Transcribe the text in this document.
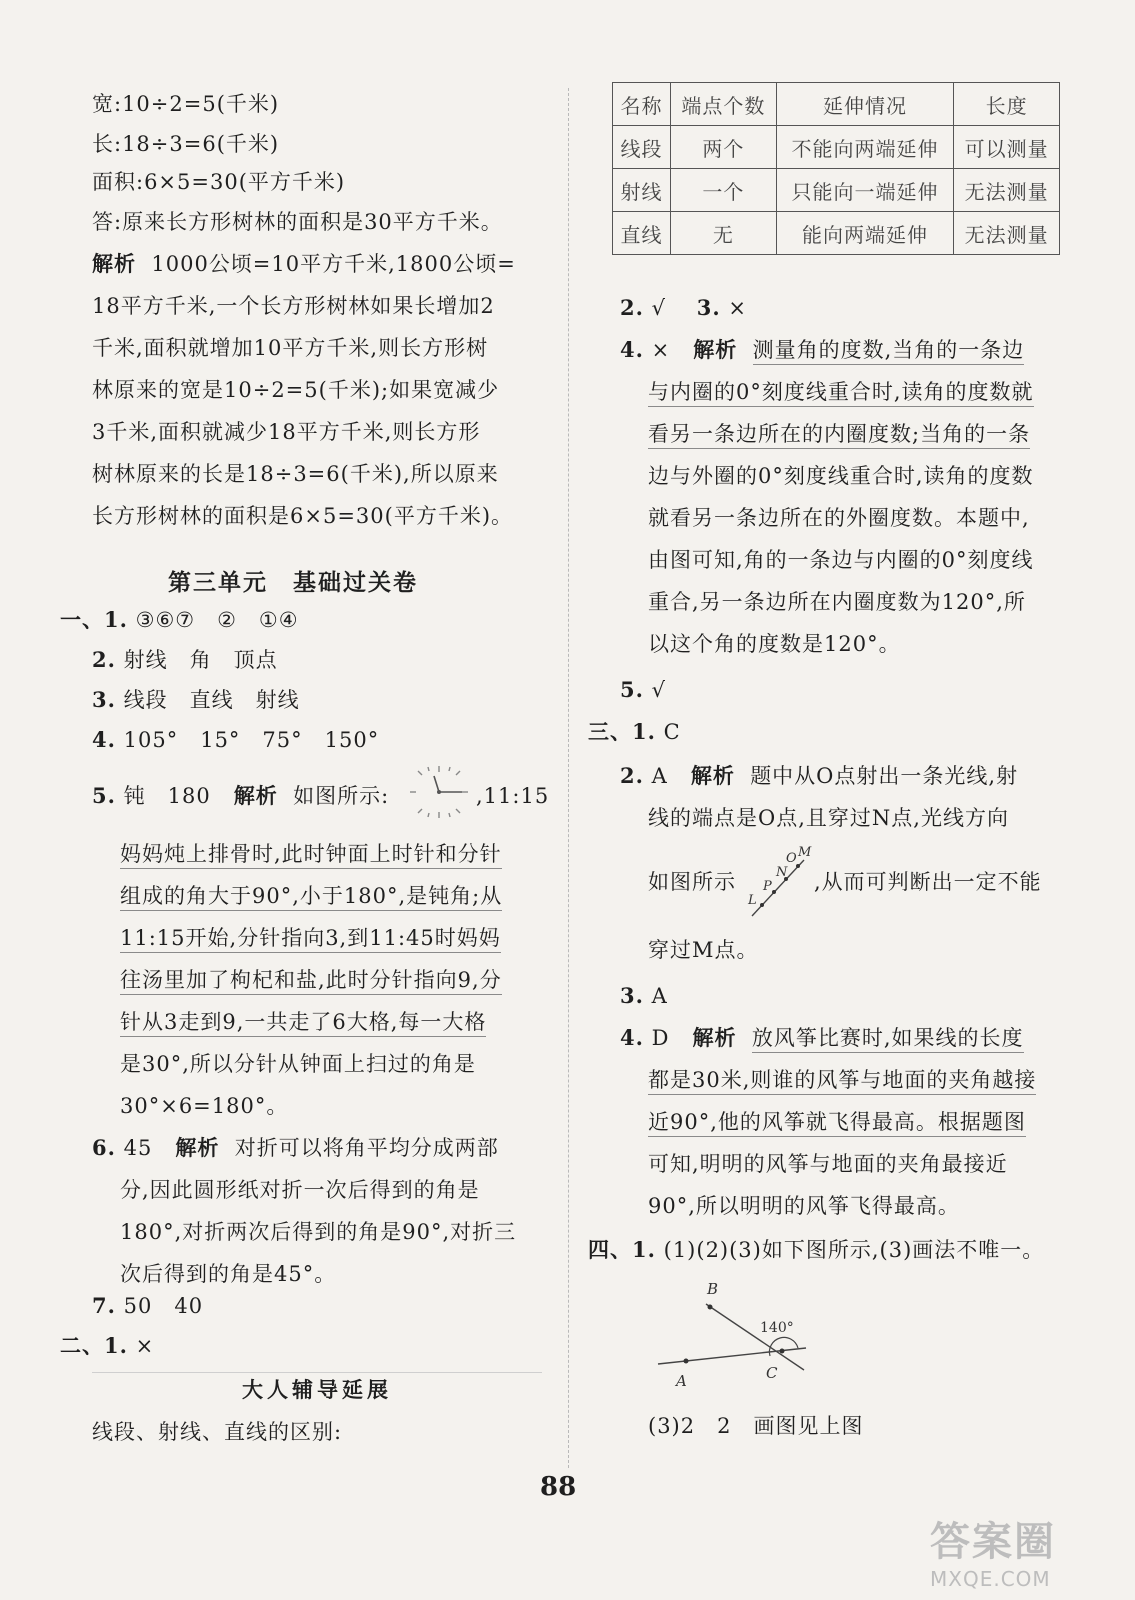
宽:10÷2=5(千米)
长:18÷3=6(千米)
面积:6×5=30(平方千米)
答:原来长方形树林的面积是30平方千米。
解析 1000公顷=10平方千米,1800公顷=
18平方千米,一个长方形树林如果长增加2
千米,面积就增加10平方千米,则长方形树
林原来的宽是10÷2=5(千米);如果宽减少
3千米,面积就减少18平方千米,则长方形
树林原来的长是18÷3=6(千米),所以原来
长方形树林的面积是6×5=30(平方千米)。
第三单元　基础过关卷
一、1. ③⑥⑦　②　①④
2. 射线　角　顶点
3. 线段　直线　射线
4. 105°　15°　75°　150°
5. 钝　180 解析 如图所示:	,11:15
妈妈炖上排骨时,此时钟面上时针和分针
组成的角大于90°,小于180°,是钝角;从
11:15开始,分针指向3,到11:45时妈妈
往汤里加了枸杞和盐,此时分针指向9,分
针从3走到9,一共走了6大格,每一大格
是30°,所以分针从钟面上扫过的角是
30°×6=180°。
6. 45 解析 对折可以将角平均分成两部
分,因此圆形纸对折一次后得到的角是
180°,对折两次后得到的角是90°,对折三
次后得到的角是45°。
7. 50　40
二、1. ×
大人辅导延展
线段、射线、直线的区别:
名称	端点个数	延伸情况	长度
线段	两个	不能向两端延伸	可以测量
射线	一个	只能向一端延伸	无法测量
直线	无	能向两端延伸	无法测量
2. √ 3. ×
4. × 解析 测量角的度数,当角的一条边
与内圈的0°刻度线重合时,读角的度数就
看另一条边所在的内圈度数;当角的一条
边与外圈的0°刻度线重合时,读角的度数
就看另一条边所在的外圈度数。本题中,
由图可知,角的一条边与内圈的0°刻度线
重合,另一条边所在内圈度数为120°,所
以这个角的度数是120°。
5. √
三、1. C
2. A 解析 题中从O点射出一条光线,射
线的端点是O点,且穿过N点,光线方向
如图所示
O M
N
P
L
,从而可判断出一定不能
穿过M点。
3. A
4. D 解析 放风筝比赛时,如果线的长度
都是30米,则谁的风筝与地面的夹角越接
近90°,他的风筝就飞得最高。根据题图
可知,明明的风筝与地面的夹角最接近
90°,所以明明的风筝飞得最高。
四、1. (1)(2)(3)如下图所示,(3)画法不唯一。
B
140°
A	C
(3)2　2　画图见上图
88
答案圈
MXQE.COM
